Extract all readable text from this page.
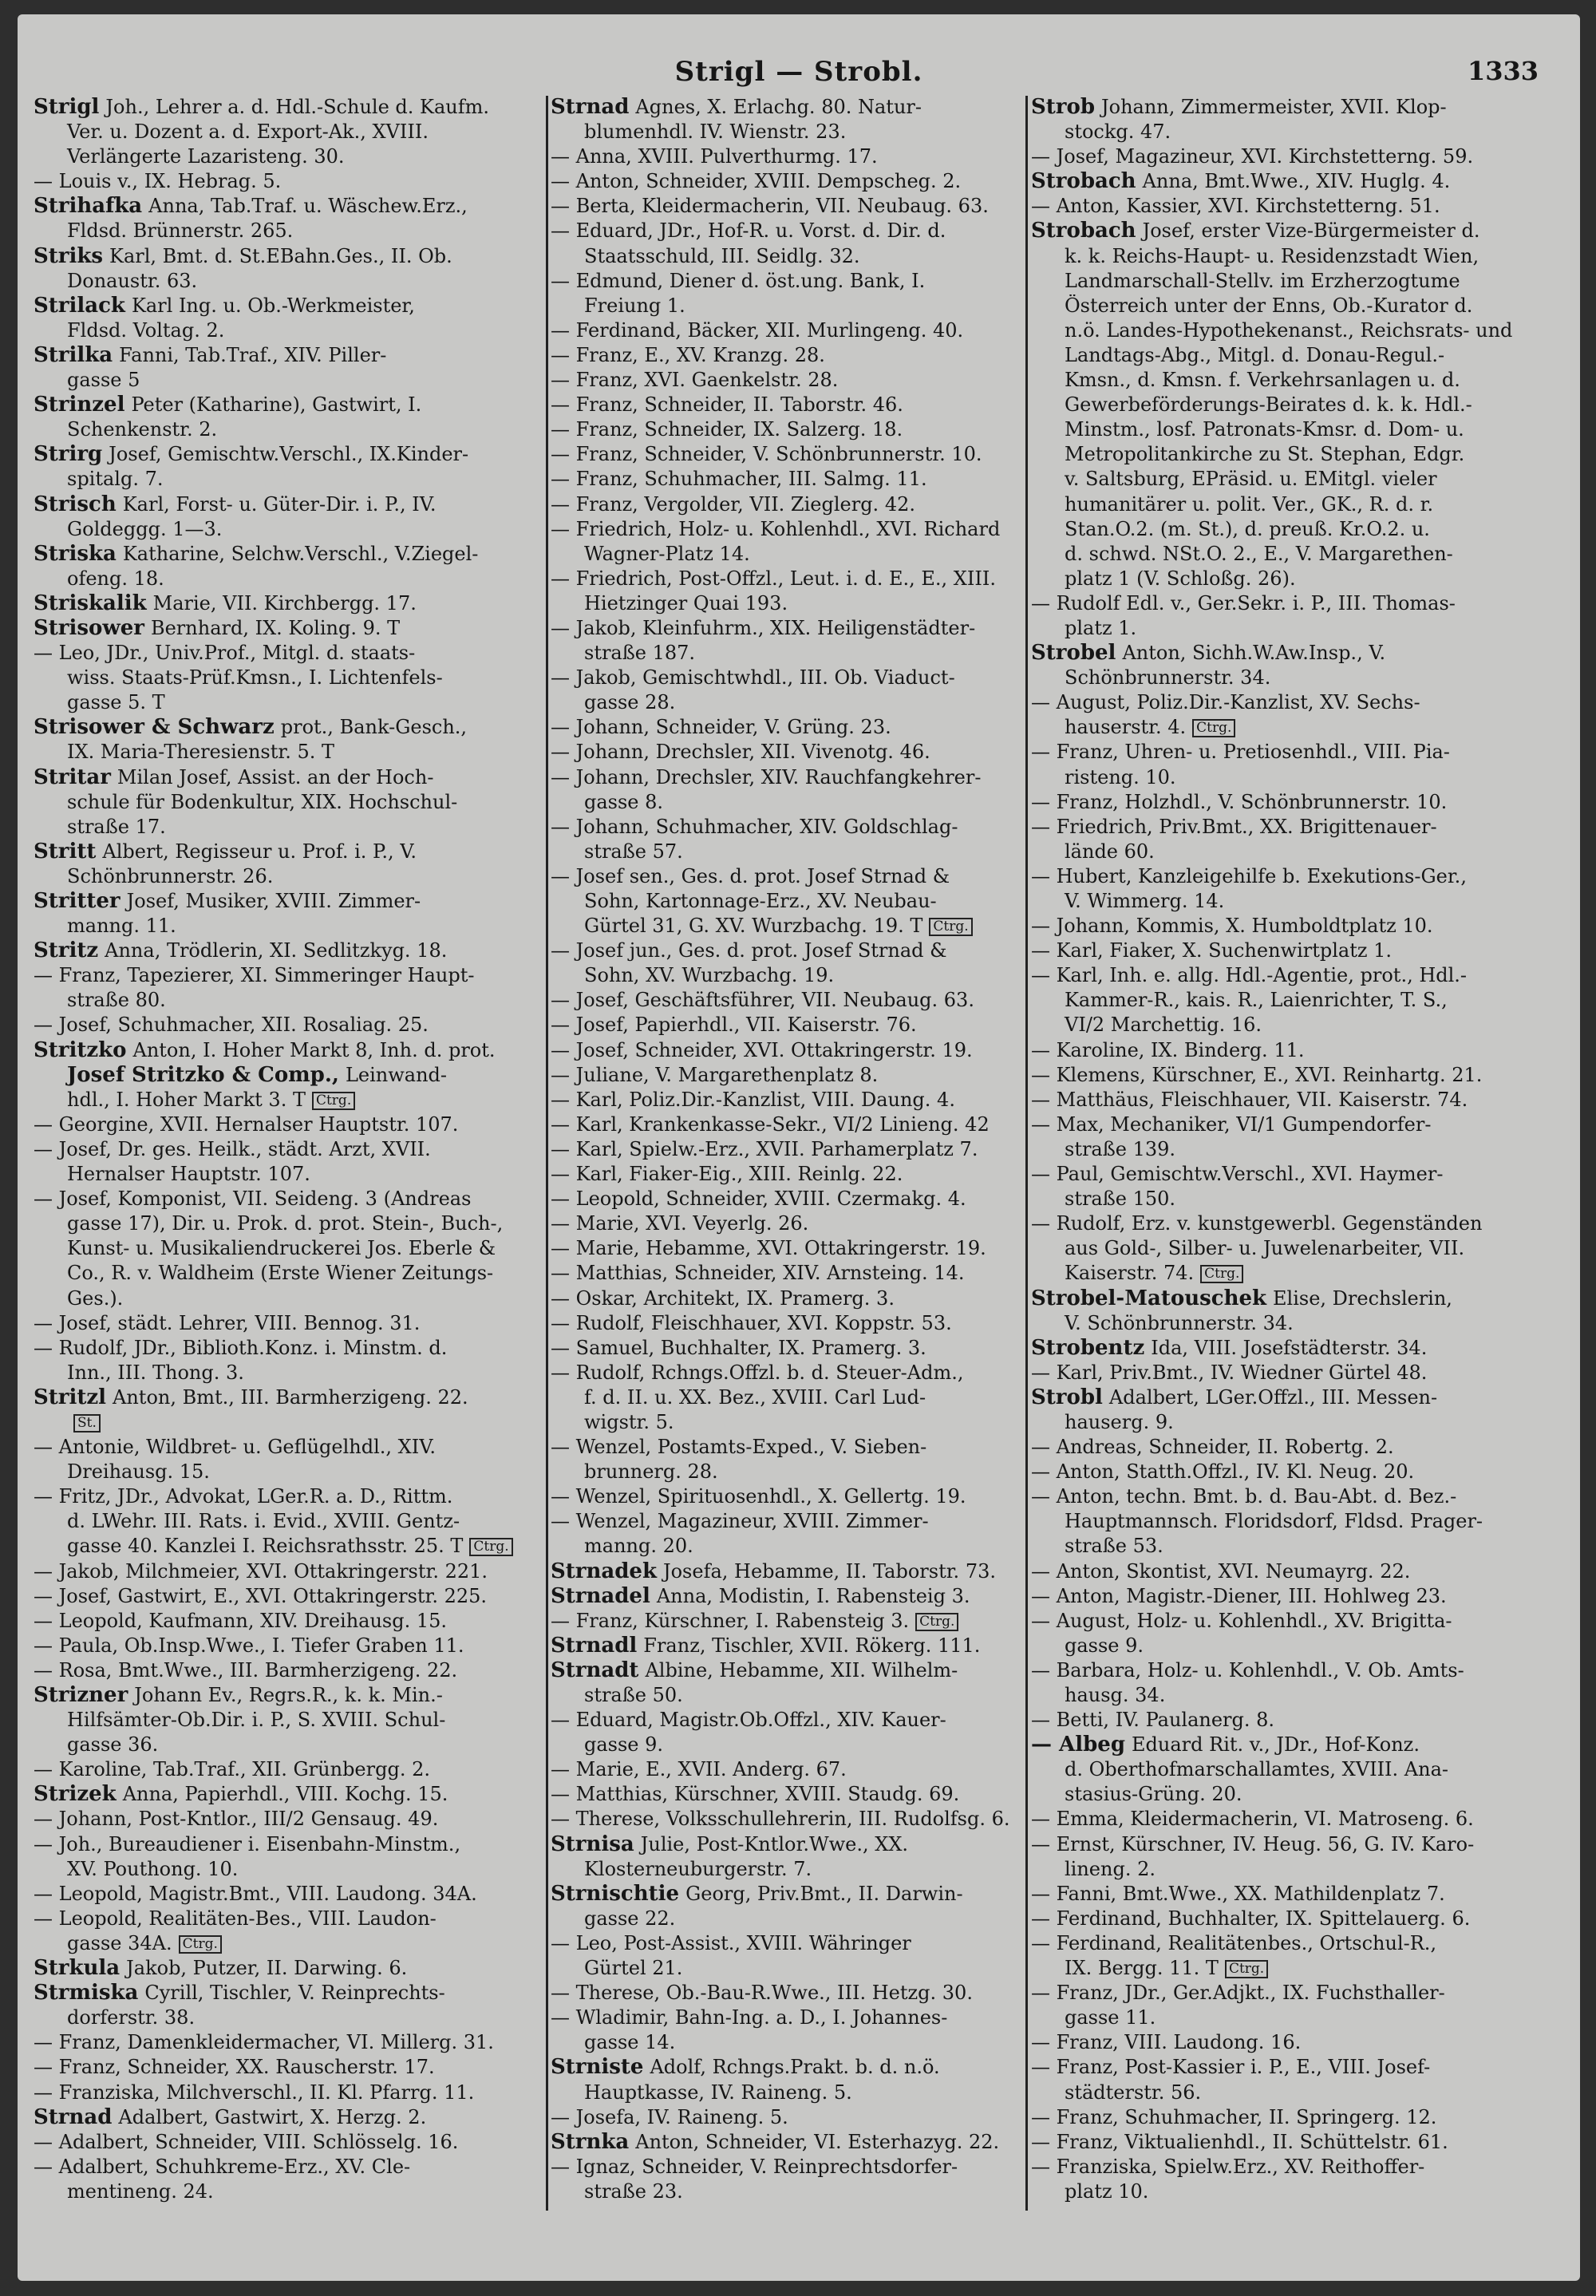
Strigl — Strobl.	1333
Strigl Joh., Lehrer a. d. Hdl.-Schule d. Kaufm.
Ver. u. Dozent a. d. Export-Ak., XVIII.
Verlängerte Lazaristeng. 30.
— Louis v., IX. Hebrag. 5.
Strihafka Anna, Tab.Traf. u. Wäschew.Erz.,
Fldsd. Brünnerstr. 265.
Striks Karl, Bmt. d. St.EBahn.Ges., II. Ob.
Donaustr. 63.
Strilack Karl Ing. u. Ob.-Werkmeister,
Fldsd. Voltag. 2.
Strilka Fanni, Tab.Traf., XIV. Piller-
gasse 5
Strinzel Peter (Katharine), Gastwirt, I.
Schenkenstr. 2.
Strirg Josef, Gemischtw.Verschl., IX.Kinder-
spitalg. 7.
Strisch Karl, Forst- u. Güter-Dir. i. P., IV.
Goldeggg. 1—3.
Striska Katharine, Selchw.Verschl., V.Ziegel-
ofeng. 18.
Striskalik Marie, VII. Kirchbergg. 17.
Strisower Bernhard, IX. Koling. 9. T
— Leo, JDr., Univ.Prof., Mitgl. d. staats-
wiss. Staats-Prüf.Kmsn., I. Lichtenfels-
gasse 5. T
Strisower & Schwarz prot., Bank-Gesch.,
IX. Maria-Theresienstr. 5. T
Stritar Milan Josef, Assist. an der Hoch-
schule für Bodenkultur, XIX. Hochschul-
straße 17.
Stritt Albert, Regisseur u. Prof. i. P., V.
Schönbrunnerstr. 26.
Stritter Josef, Musiker, XVIII. Zimmer-
manng. 11.
Stritz Anna, Trödlerin, XI. Sedlitzkyg. 18.
— Franz, Tapezierer, XI. Simmeringer Haupt-
straße 80.
— Josef, Schuhmacher, XII. Rosaliag. 25.
Stritzko Anton, I. Hoher Markt 8, Inh. d. prot.
Josef Stritzko & Comp., Leinwand-
hdl., I. Hoher Markt 3. T Ctrg.
— Georgine, XVII. Hernalser Hauptstr. 107.
— Josef, Dr. ges. Heilk., städt. Arzt, XVII.
Hernalser Hauptstr. 107.
— Josef, Komponist, VII. Seideng. 3 (Andreas
gasse 17), Dir. u. Prok. d. prot. Stein-, Buch-,
Kunst- u. Musikaliendruckerei Jos. Eberle &
Co., R. v. Waldheim (Erste Wiener Zeitungs-
Ges.).
— Josef, städt. Lehrer, VIII. Bennog. 31.
— Rudolf, JDr., Biblioth.Konz. i. Minstm. d.
Inn., III. Thong. 3.
Stritzl Anton, Bmt., III. Barmherzigeng. 22.
St.
— Antonie, Wildbret- u. Geflügelhdl., XIV.
Dreihausg. 15.
— Fritz, JDr., Advokat, LGer.R. a. D., Rittm.
d. LWehr. III. Rats. i. Evid., XVIII. Gentz-
gasse 40. Kanzlei I. Reichsrathsstr. 25. T Ctrg.
— Jakob, Milchmeier, XVI. Ottakringerstr. 221.
— Josef, Gastwirt, E., XVI. Ottakringerstr. 225.
— Leopold, Kaufmann, XIV. Dreihausg. 15.
— Paula, Ob.Insp.Wwe., I. Tiefer Graben 11.
— Rosa, Bmt.Wwe., III. Barmherzigeng. 22.
Strizner Johann Ev., Regrs.R., k. k. Min.-
Hilfsämter-Ob.Dir. i. P., S. XVIII. Schul-
gasse 36.
— Karoline, Tab.Traf., XII. Grünbergg. 2.
Strizek Anna, Papierhdl., VIII. Kochg. 15.
— Johann, Post-Kntlor., III/2 Gensaug. 49.
— Joh., Bureaudiener i. Eisenbahn-Minstm.,
XV. Pouthong. 10.
— Leopold, Magistr.Bmt., VIII. Laudong. 34A.
— Leopold, Realitäten-Bes., VIII. Laudon-
gasse 34A. Ctrg.
Strkula Jakob, Putzer, II. Darwing. 6.
Strmiska Cyrill, Tischler, V. Reinprechts-
dorferstr. 38.
— Franz, Damenkleidermacher, VI. Millerg. 31.
— Franz, Schneider, XX. Rauscherstr. 17.
— Franziska, Milchverschl., II. Kl. Pfarrg. 11.
Strnad Adalbert, Gastwirt, X. Herzg. 2.
— Adalbert, Schneider, VIII. Schlösselg. 16.
— Adalbert, Schuhkreme-Erz., XV. Cle-
mentineng. 24.
Strnad Agnes, X. Erlachg. 80. Natur-
blumenhdl. IV. Wienstr. 23.
— Anna, XVIII. Pulverthurmg. 17.
— Anton, Schneider, XVIII. Dempscheg. 2.
— Berta, Kleidermacherin, VII. Neubaug. 63.
— Eduard, JDr., Hof-R. u. Vorst. d. Dir. d.
Staatsschuld, III. Seidlg. 32.
— Edmund, Diener d. öst.ung. Bank, I.
Freiung 1.
— Ferdinand, Bäcker, XII. Murlingeng. 40.
— Franz, E., XV. Kranzg. 28.
— Franz, XVI. Gaenkelstr. 28.
— Franz, Schneider, II. Taborstr. 46.
— Franz, Schneider, IX. Salzerg. 18.
— Franz, Schneider, V. Schönbrunnerstr. 10.
— Franz, Schuhmacher, III. Salmg. 11.
— Franz, Vergolder, VII. Zieglerg. 42.
— Friedrich, Holz- u. Kohlenhdl., XVI. Richard
Wagner-Platz 14.
— Friedrich, Post-Offzl., Leut. i. d. E., E., XIII.
Hietzinger Quai 193.
— Jakob, Kleinfuhrm., XIX. Heiligenstädter-
straße 187.
— Jakob, Gemischtwhdl., III. Ob. Viaduct-
gasse 28.
— Johann, Schneider, V. Grüng. 23.
— Johann, Drechsler, XII. Vivenotg. 46.
— Johann, Drechsler, XIV. Rauchfangkehrer-
gasse 8.
— Johann, Schuhmacher, XIV. Goldschlag-
straße 57.
— Josef sen., Ges. d. prot. Josef Strnad &
Sohn, Kartonnage-Erz., XV. Neubau-
Gürtel 31, G. XV. Wurzbachg. 19. T Ctrg.
— Josef jun., Ges. d. prot. Josef Strnad &
Sohn, XV. Wurzbachg. 19.
— Josef, Geschäftsführer, VII. Neubaug. 63.
— Josef, Papierhdl., VII. Kaiserstr. 76.
— Josef, Schneider, XVI. Ottakringerstr. 19.
— Juliane, V. Margarethenplatz 8.
— Karl, Poliz.Dir.-Kanzlist, VIII. Daung. 4.
— Karl, Krankenkasse-Sekr., VI/2 Linieng. 42
— Karl, Spielw.-Erz., XVII. Parhamerplatz 7.
— Karl, Fiaker-Eig., XIII. Reinlg. 22.
— Leopold, Schneider, XVIII. Czermakg. 4.
— Marie, XVI. Veyerlg. 26.
— Marie, Hebamme, XVI. Ottakringerstr. 19.
— Matthias, Schneider, XIV. Arnsteing. 14.
— Oskar, Architekt, IX. Pramerg. 3.
— Rudolf, Fleischhauer, XVI. Koppstr. 53.
— Samuel, Buchhalter, IX. Pramerg. 3.
— Rudolf, Rchngs.Offzl. b. d. Steuer-Adm.,
f. d. II. u. XX. Bez., XVIII. Carl Lud-
wigstr. 5.
— Wenzel, Postamts-Exped., V. Sieben-
brunnerg. 28.
— Wenzel, Spirituosenhdl., X. Gellertg. 19.
— Wenzel, Magazineur, XVIII. Zimmer-
manng. 20.
Strnadek Josefa, Hebamme, II. Taborstr. 73.
Strnadel Anna, Modistin, I. Rabensteig 3.
— Franz, Kürschner, I. Rabensteig 3. Ctrg.
Strnadl Franz, Tischler, XVII. Rökerg. 111.
Strnadt Albine, Hebamme, XII. Wilhelm-
straße 50.
— Eduard, Magistr.Ob.Offzl., XIV. Kauer-
gasse 9.
— Marie, E., XVII. Anderg. 67.
— Matthias, Kürschner, XVIII. Staudg. 69.
— Therese, Volksschullehrerin, III. Rudolfsg. 6.
Strnisa Julie, Post-Kntlor.Wwe., XX.
Klosterneuburgerstr. 7.
Strnischtie Georg, Priv.Bmt., II. Darwin-
gasse 22.
— Leo, Post-Assist., XVIII. Währinger
Gürtel 21.
— Therese, Ob.-Bau-R.Wwe., III. Hetzg. 30.
— Wladimir, Bahn-Ing. a. D., I. Johannes-
gasse 14.
Strniste Adolf, Rchngs.Prakt. b. d. n.ö.
Hauptkasse, IV. Raineng. 5.
— Josefa, IV. Raineng. 5.
Strnka Anton, Schneider, VI. Esterhazyg. 22.
— Ignaz, Schneider, V. Reinprechtsdorfer-
straße 23.
Strob Johann, Zimmermeister, XVII. Klop-
stockg. 47.
— Josef, Magazineur, XVI. Kirchstetterng. 59.
Strobach Anna, Bmt.Wwe., XIV. Huglg. 4.
— Anton, Kassier, XVI. Kirchstetterng. 51.
Strobach Josef, erster Vize-Bürgermeister d.
k. k. Reichs-Haupt- u. Residenzstadt Wien,
Landmarschall-Stellv. im Erzherzogtume
Österreich unter der Enns, Ob.-Kurator d.
n.ö. Landes-Hypothekenanst., Reichsrats- und
Landtags-Abg., Mitgl. d. Donau-Regul.-
Kmsn., d. Kmsn. f. Verkehrsanlagen u. d.
Gewerbeförderungs-Beirates d. k. k. Hdl.-
Minstm., losf. Patronats-Kmsr. d. Dom- u.
Metropolitankirche zu St. Stephan, Edgr.
v. Saltsburg, EPräsid. u. EMitgl. vieler
humanitärer u. polit. Ver., GK., R. d. r.
Stan.O.2. (m. St.), d. preuß. Kr.O.2. u.
d. schwd. NSt.O. 2., E., V. Margarethen-
platz 1 (V. Schloßg. 26).
— Rudolf Edl. v., Ger.Sekr. i. P., III. Thomas-
platz 1.
Strobel Anton, Sichh.W.Aw.Insp., V.
Schönbrunnerstr. 34.
— August, Poliz.Dir.-Kanzlist, XV. Sechs-
hauserstr. 4. Ctrg.
— Franz, Uhren- u. Pretiosenhdl., VIII. Pia-
risteng. 10.
— Franz, Holzhdl., V. Schönbrunnerstr. 10.
— Friedrich, Priv.Bmt., XX. Brigittenauer-
lände 60.
— Hubert, Kanzleigehilfe b. Exekutions-Ger.,
V. Wimmerg. 14.
— Johann, Kommis, X. Humboldtplatz 10.
— Karl, Fiaker, X. Suchenwirtplatz 1.
— Karl, Inh. e. allg. Hdl.-Agentie, prot., Hdl.-
Kammer-R., kais. R., Laienrichter, T. S.,
VI/2 Marchettig. 16.
— Karoline, IX. Binderg. 11.
— Klemens, Kürschner, E., XVI. Reinhartg. 21.
— Matthäus, Fleischhauer, VII. Kaiserstr. 74.
— Max, Mechaniker, VI/1 Gumpendorfer-
straße 139.
— Paul, Gemischtw.Verschl., XVI. Haymer-
straße 150.
— Rudolf, Erz. v. kunstgewerbl. Gegenständen
aus Gold-, Silber- u. Juwelenarbeiter, VII.
Kaiserstr. 74. Ctrg.
Strobel-Matouschek Elise, Drechslerin,
V. Schönbrunnerstr. 34.
Strobentz Ida, VIII. Josefstädterstr. 34.
— Karl, Priv.Bmt., IV. Wiedner Gürtel 48.
Strobl Adalbert, LGer.Offzl., III. Messen-
hauserg. 9.
— Andreas, Schneider, II. Robertg. 2.
— Anton, Statth.Offzl., IV. Kl. Neug. 20.
— Anton, techn. Bmt. b. d. Bau-Abt. d. Bez.-
Hauptmannsch. Floridsdorf, Fldsd. Prager-
straße 53.
— Anton, Skontist, XVI. Neumayrg. 22.
— Anton, Magistr.-Diener, III. Hohlweg 23.
— August, Holz- u. Kohlenhdl., XV. Brigitta-
gasse 9.
— Barbara, Holz- u. Kohlenhdl., V. Ob. Amts-
hausg. 34.
— Betti, IV. Paulanerg. 8.
— Albeg Eduard Rit. v., JDr., Hof-Konz.
d. Oberthofmarschallamtes, XVIII. Ana-
stasius-Grüng. 20.
— Emma, Kleidermacherin, VI. Matroseng. 6.
— Ernst, Kürschner, IV. Heug. 56, G. IV. Karo-
lineng. 2.
— Fanni, Bmt.Wwe., XX. Mathildenplatz 7.
— Ferdinand, Buchhalter, IX. Spittelauerg. 6.
— Ferdinand, Realitätenbes., Ortschul-R.,
IX. Bergg. 11. T Ctrg.
— Franz, JDr., Ger.Adjkt., IX. Fuchsthaller-
gasse 11.
— Franz, VIII. Laudong. 16.
— Franz, Post-Kassier i. P., E., VIII. Josef-
städterstr. 56.
— Franz, Schuhmacher, II. Springerg. 12.
— Franz, Viktualienhdl., II. Schüttelstr. 61.
— Franziska, Spielw.Erz., XV. Reithoffer-
platz 10.
